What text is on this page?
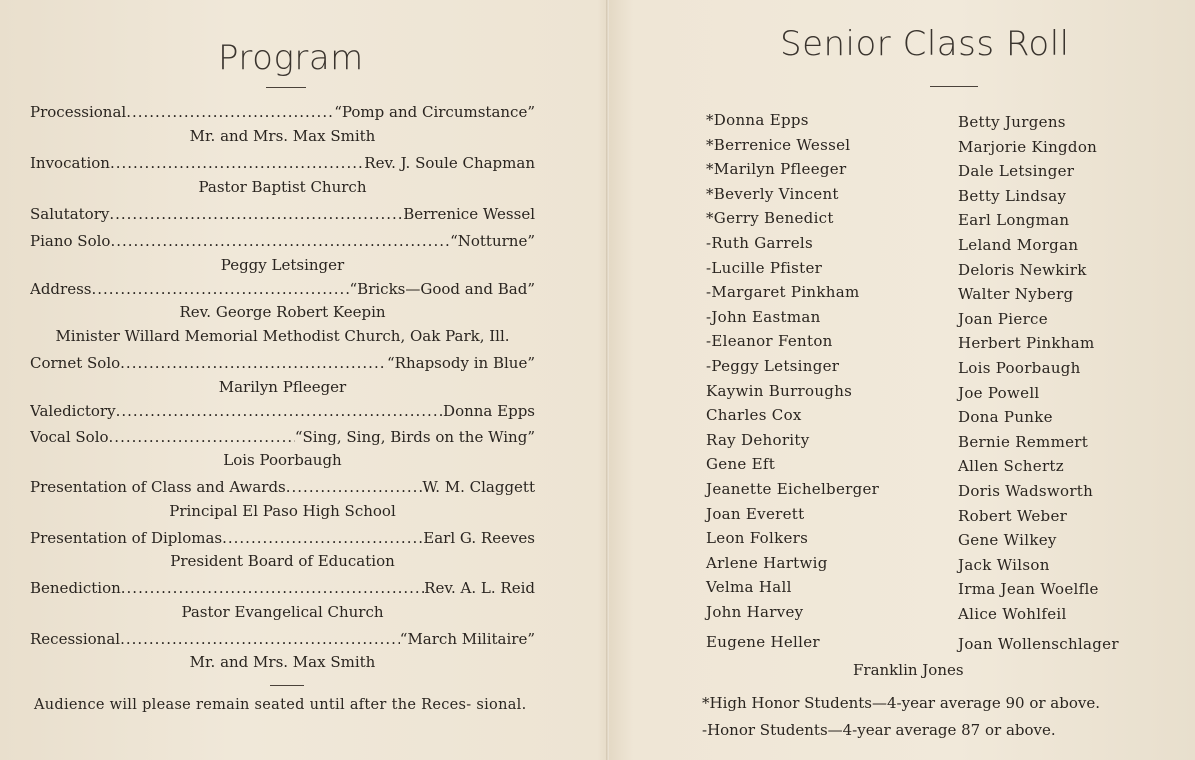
Program
Processional .....	“Pomp and Circumstance”
Mr. and Mrs. Max Smith
Invocation .....	Rev. J. Soule Chapman
Pastor Baptist Church
Salutatory .....	Berrenice Wessel
Piano Solo .....	“Notturne”
Peggy Letsinger
Address .....	“Bricks—Good and Bad”
Rev. George Robert Keepin
Minister Willard Memorial Methodist Church, Oak Park, Ill.
Cornet Solo .....	“Rhapsody in Blue”
Marilyn Pfleeger
Valedictory .....	Donna Epps
Vocal Solo .....	“Sing, Sing, Birds on the Wing”
Lois Poorbaugh
Presentation of Class and Awards .....	W. M. Claggett
Principal El Paso High School
Presentation of Diplomas .....	Earl G. Reeves
President Board of Education
Benediction .....	Rev. A. L. Reid
Pastor Evangelical Church
Recessional .....	“March Militaire”
Mr. and Mrs. Max Smith
Audience will please remain seated until after the Reces- sional.
Senior Class Roll
*Donna Epps
*Berrenice Wessel
*Marilyn Pfleeger
*Beverly Vincent
*Gerry Benedict
-Ruth Garrels
-Lucille Pfister
-Margaret Pinkham
-John Eastman
-Eleanor Fenton
-Peggy Letsinger
Kaywin Burroughs
Charles Cox
Ray Dehority
Gene Eft
Jeanette Eichelberger
Joan Everett
Leon Folkers
Arlene Hartwig
Velma Hall
John Harvey
Eugene Heller
Betty Jurgens
Marjorie Kingdon
Dale Letsinger
Betty Lindsay
Earl Longman
Leland Morgan
Deloris Newkirk
Walter Nyberg
Joan Pierce
Herbert Pinkham
Lois Poorbaugh
Joe Powell
Dona Punke
Bernie Remmert
Allen Schertz
Doris Wadsworth
Robert Weber
Gene Wilkey
Jack Wilson
Irma Jean Woelfle
Alice Wohlfeil
Joan Wollenschlager
Franklin Jones
*High Honor Students—4-year average 90 or above.
-Honor Students—4-year average 87 or above.
